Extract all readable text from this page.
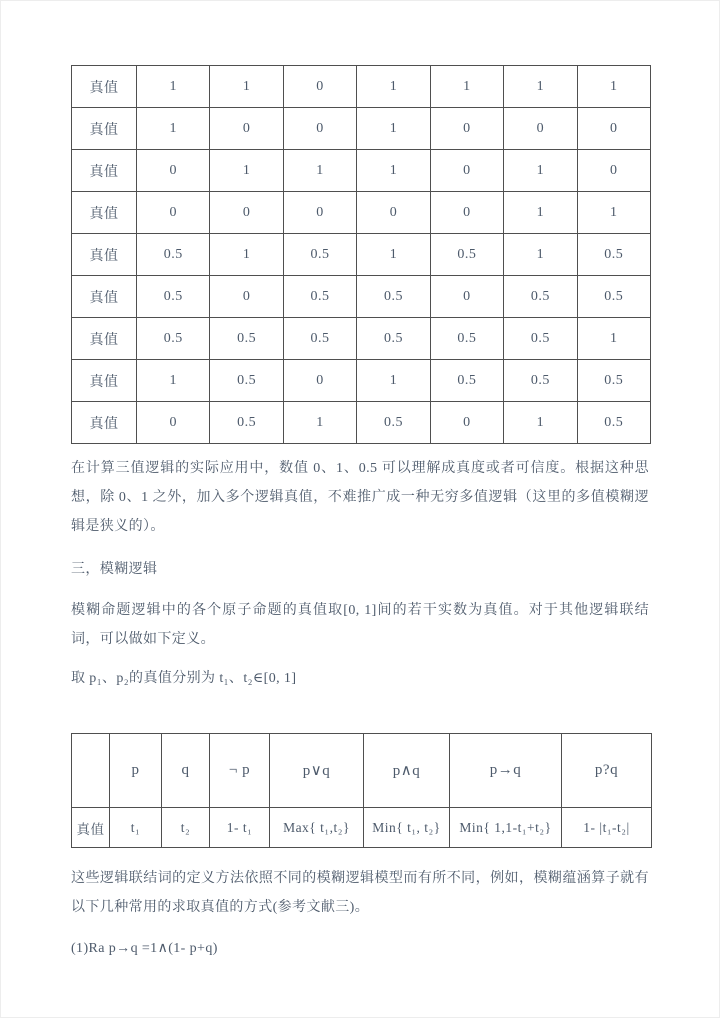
真值	1	1	0	1	1	1	1
真值	1	0	0	1	0	0	0
真值	0	1	1	1	0	1	0
真值	0	0	0	0	0	1	1
真值	0.5	1	0.5	1	0.5	1	0.5
真值	0.5	0	0.5	0.5	0	0.5	0.5
真值	0.5	0.5	0.5	0.5	0.5	0.5	1
真值	1	0.5	0	1	0.5	0.5	0.5
真值	0	0.5	1	0.5	0	1	0.5

在计算三值逻辑的实际应用中，数值 0、1、0.5 可以理解成真度或者可信度。根据这种思想，除 0、1 之外，加入多个逻辑真值，不难推广成一种无穷多值逻辑（这里的多值模糊逻辑是狭义的）。

三，模糊逻辑

模糊命题逻辑中的各个原子命题的真值取[0, 1]间的若干实数为真值。对于其他逻辑联结词，可以做如下定义。

取 p₁、p₂的真值分别为 t₁、t₂∈[0, 1]

	p	q	¬ p	p∨q	p∧q	p→q	p?q
真值	t₁	t₂	1- t₁	Max{ t₁,t₂}	Min{ t₁, t₂}	Min{ 1,1-t₁+t₂}	1- |t₁-t₂|

这些逻辑联结词的定义方法依照不同的模糊逻辑模型而有所不同，例如，模糊蕴涵算子就有以下几种常用的求取真值的方式(参考文献三)。

(1)Ra p→q =1∧(1- p+q)
